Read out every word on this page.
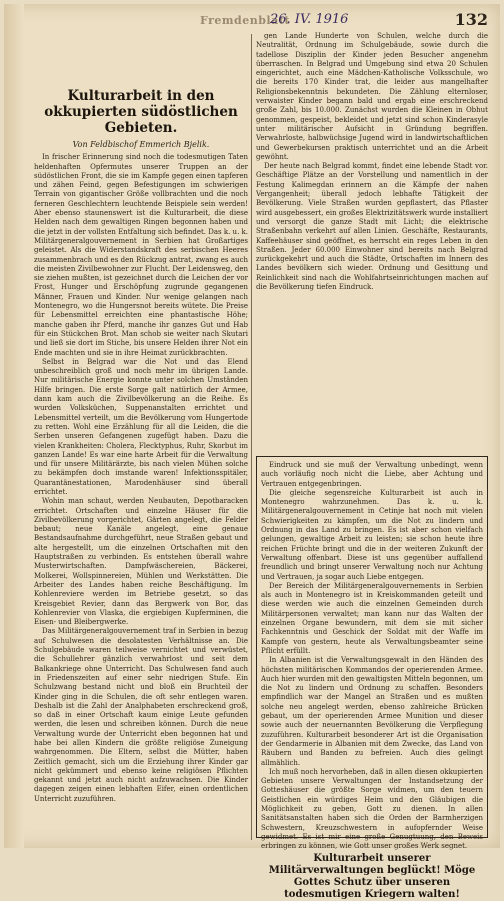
Fremdenblatt
26. IV. 1916	132
Kulturarbeit in den okkupierten südöstlichen Gebieten.
Von Feldbischof Emmerich Bjelik.

In frischer Erinnerung sind noch die todesmutigen Taten heldenhaften Opfermutes unserer Truppen an der südöstlichen Front, die sie im Kampfe gegen einen tapferen und zähen Feind, gegen Befestigungen im schwierigen Terrain von gigantischer Größe vollbrachten und die noch ferneren Geschlechtern leuchtende Beispiele sein werden! Aber ebenso staunenswert ist die Kulturarbeit, die diese Helden nach dem gewaltigen Ringen begonnen haben und die jetzt in der vollsten Entfaltung sich befindet. Das k. u. k. Militärgeneralgouvernement in Serbien hat Großartiges geleistet. Als die Widerstandskraft des serbischen Heeres zusammenbrach und es den Rückzug antrat, zwang es auch die meisten Zivilbewohner zur Flucht. Der Leidensweg, den sie ziehen mußten, ist gezeichnet durch die Leichen der vor Frost, Hunger und Erschöpfung zugrunde gegangenen Männer, Frauen und Kinder. Nur wenige gelangen nach Montenegro, wo die Hungersnot bereits wütete. Die Preise für Lebensmittel erreichten eine phantastische Höhe; manche gaben ihr Pferd, manche ihr ganzes Gut und Hab für ein Stückchen Brot. Man schob sie weiter nach Skutari und ließ sie dort im Stiche, bis unsere Helden ihrer Not ein Ende machten und sie in ihre Heimat zurückbrachten.

Selbst in Belgrad war die Not und das Elend unbeschreiblich groß und noch mehr im übrigen Lande. Nur militärische Energie konnte unter solchen Umständen Hilfe bringen. Die erste Sorge galt natürlich der Armee, dann kam auch die Zivilbevölkerung an die Reihe. Es wurden Volksküchen, Suppenanstalten errichtet und Lebensmittel verteilt, um die Bevölkerung vom Hungertode zu retten. Wohl eine Erzählung für all die Leiden, die die Serben unseren Gefangenen zugefügt haben. Dazu die vielen Krankheiten: Cholera, Flecktyphus, Ruhr, Skorbut im ganzen Lande! Es war eine harte Arbeit für die Verwaltung und für unsere Militärärzte, bis nach vielen Mühen solche zu bekämpfen doch imstande waren! Infektionsspitäler, Quarantänestationen, Marodenhäuser sind überall errichtet.

Wohin man schaut, werden Neubauten, Depotbaracken errichtet. Ortschaften und einzelne Häuser für die Zivilbevölkerung vorgerichtet, Gärten angelegt, die Felder bebaut; neue Kanäle angelegt, eine genaue Bestandsaufnahme durchgeführt, neue Straßen gebaut und alte hergestellt, um die einzelnen Ortschaften mit den Hauptstraßen zu verbinden. Es entstehen überall wahre Musterwirtschaften. Dampfwäschereien, Bäckerei, Molkerei, Wollspinnereien, Mühlen und Werkstätten. Die Arbeiter des Landes haben reiche Beschäftigung. Im Kohlenreviere werden im Betriebe gesetzt, so das Kreisgebiet Revier, dann das Bergwerk von Bor, das Kohlenrevier von Vlaska, die ergiebigen Kupferminen, die Eisen- und Bleibergwerke.

Das Militärgeneralgouvernement traf in Serbien in bezug auf Schulwesen die desolatesten Verhältnisse an. Die Schulgebäude waren teilweise vernichtet und verwüstet, die Schullehrer gänzlich verwahrlost und seit dem Balkankriege ohne Unterricht. Das Schulwesen fand auch in Friedenszeiten auf einer sehr niedrigen Stufe. Ein Schulzwang bestand nicht und bloß ein Bruchteil der Kinder ging in die Schulen, die oft sehr entlegen waren. Deshalb ist die Zahl der Analphabeten erschreckend groß, so daß in einer Ortschaft kaum einige Leute gefunden werden, die lesen und schreiben können. Durch die neue Verwaltung wurde der Unterricht eben begonnen hat und habe bei allen Kindern die größte religiöse Zuneigung wahrgenommen. Die Eltern, selbst die Mütter, haben Zeitlich gemacht, sich um die Erziehung ihrer Kinder gar nicht gekümmert und ebenso keine religiösen Pflichten gekannt und jetzt auch nicht aufzuwachsen. Die Kinder dagegen zeigen einen lebhaften Eifer, einen ordentlichen Unterricht zuzuführen.

gen Lande Hunderte von Schulen, welche durch die Neutralität, Ordnung im Schulgebäude, sowie durch die tadellose Disziplin der Kinder jeden Besucher angenehm überraschen. In Belgrad und Umgebung sind etwa 20 Schulen eingerichtet, auch eine Mädchen-Katholische Volksschule, wo die bereits 170 Kinder trat, die leider aus mangelhafter Religionsbekenntnis bekundeten. Die Zählung elternloser, verwaister Kinder begann bald und ergab eine erschreckend große Zahl, bis 10.000. Zunächst wurden die Kleinen in Obhut genommen, gespeist, bekleidet und jetzt sind schon Kinderasyle unter militärischer Aufsicht in Gründung begriffen. Verwahrloste, halbwüchsige Jugend wird in landwirtschaftlichen und Gewerbekursen praktisch unterrichtet und an die Arbeit gewöhnt.

Der heute nach Belgrad kommt, findet eine lebende Stadt vor. Geschäftige Plätze an der Vorstellung und namentlich in der Festung Kalimegdan erinnern an die Kämpfe der nahen Vergangenheit; überall jedoch lebhafte Tätigkeit der Bevölkerung. Viele Straßen wurden gepflastert, das Pflaster wird ausgebessert, ein großes Elektrizitätswerk wurde installiert und versorgt die ganze Stadt mit Licht; die elektrische Straßenbahn verkehrt auf allen Linien. Geschäfte, Restaurants, Kaffeehäuser sind geöffnet, es herrscht ein reges Leben in den Straßen. Jeder 60.000 Einwohner sind bereits nach Belgrad zurückgekehrt und auch die Städte, Ortschaften im Innern des Landes bevölkern sich wieder. Ordnung und Gesittung und Reinlichkeit sind nach die Wohlfahrtseinrichtungen machen auf die Bevölkerung tiefen Eindruck.

Eindruck und sie muß der Verwaltung unbedingt, wenn auch vorläufig noch nicht die Liebe, aber Achtung und Vertrauen entgegenbringen.

Die gleiche segensreiche Kulturarbeit ist auch in Montenegro wahrzunehmen. Das k. u. k. Militärgeneralgouvernement in Cetinje hat noch mit vielen Schwierigkeiten zu kämpfen, um die Not zu lindern und Ordnung in das Land zu bringen. Es ist aber schon vielfach gelungen, gewaltige Arbeit zu leisten; sie schon heute ihre reichen Früchte bringt und die in der weiteren Zukunft der Verwaltung offenbart. Diese ist uns gegenüber auffallend freundlich und bringt unserer Verwaltung noch nur Achtung und Vertrauen, ja sogar auch Liebe entgegen.

Der Bereich der Militärgeneralgouvernements in Serbien als auch in Montenegro ist in Kreiskommanden geteilt und diese werden wie auch die einzelnen Gemeinden durch Militärpersonen verwaltet; man kann nur das Walten der einzelnen Organe bewundern, mit dem sie mit sicher Fachkenntnis und Geschick der Soldat mit der Waffe im Kampfe von gestern, heute als Verwaltungsbeamter seine Pflicht erfüllt.

In Albanien ist die Verwaltungsgewalt in den Händen des höchsten militärischen Kommandos der operierenden Armee. Auch hier wurden mit den gewaltigsten Mitteln begonnen, um die Not zu lindern und Ordnung zu schaffen. Besonders empfindlich war der Mangel an Straßen und es mußten solche neu angelegt werden, ebenso zahlreiche Brücken gebaut, um der operierenden Armee Munition und dieser sowie auch der neuernannten Bevölkerung die Verpflegung zuzuführen. Kulturarbeit besonderer Art ist die Organisation der Gendarmerie in Albanien mit dem Zwecke, das Land von Räubern und Banden zu befreien. Auch dies gelingt allmählich.

Ich muß noch hervorheben, daß in allen diesen okkupierten Gebieten unsere Verwaltungen der Instandsetzung der Gotteshäuser die größte Sorge widmen, um den teuern Geistlichen ein würdiges Heim und den Gläubigen die Möglichkeit zu geben, Gott zu dienen. In allen Sanitätsanstalten haben sich die Orden der Barmherzigen Schwestern, Kreuzschwestern in aufopfernder Weise gewidmet. Es ist mir eine große Genugtuung, den Beweis erbringen zu können, wie Gott unser großes Werk segnet.

Kulturarbeit unserer Militärverwaltungen beglückt! Möge Gottes Schutz über unseren todesmutigen Kriegern walten!
